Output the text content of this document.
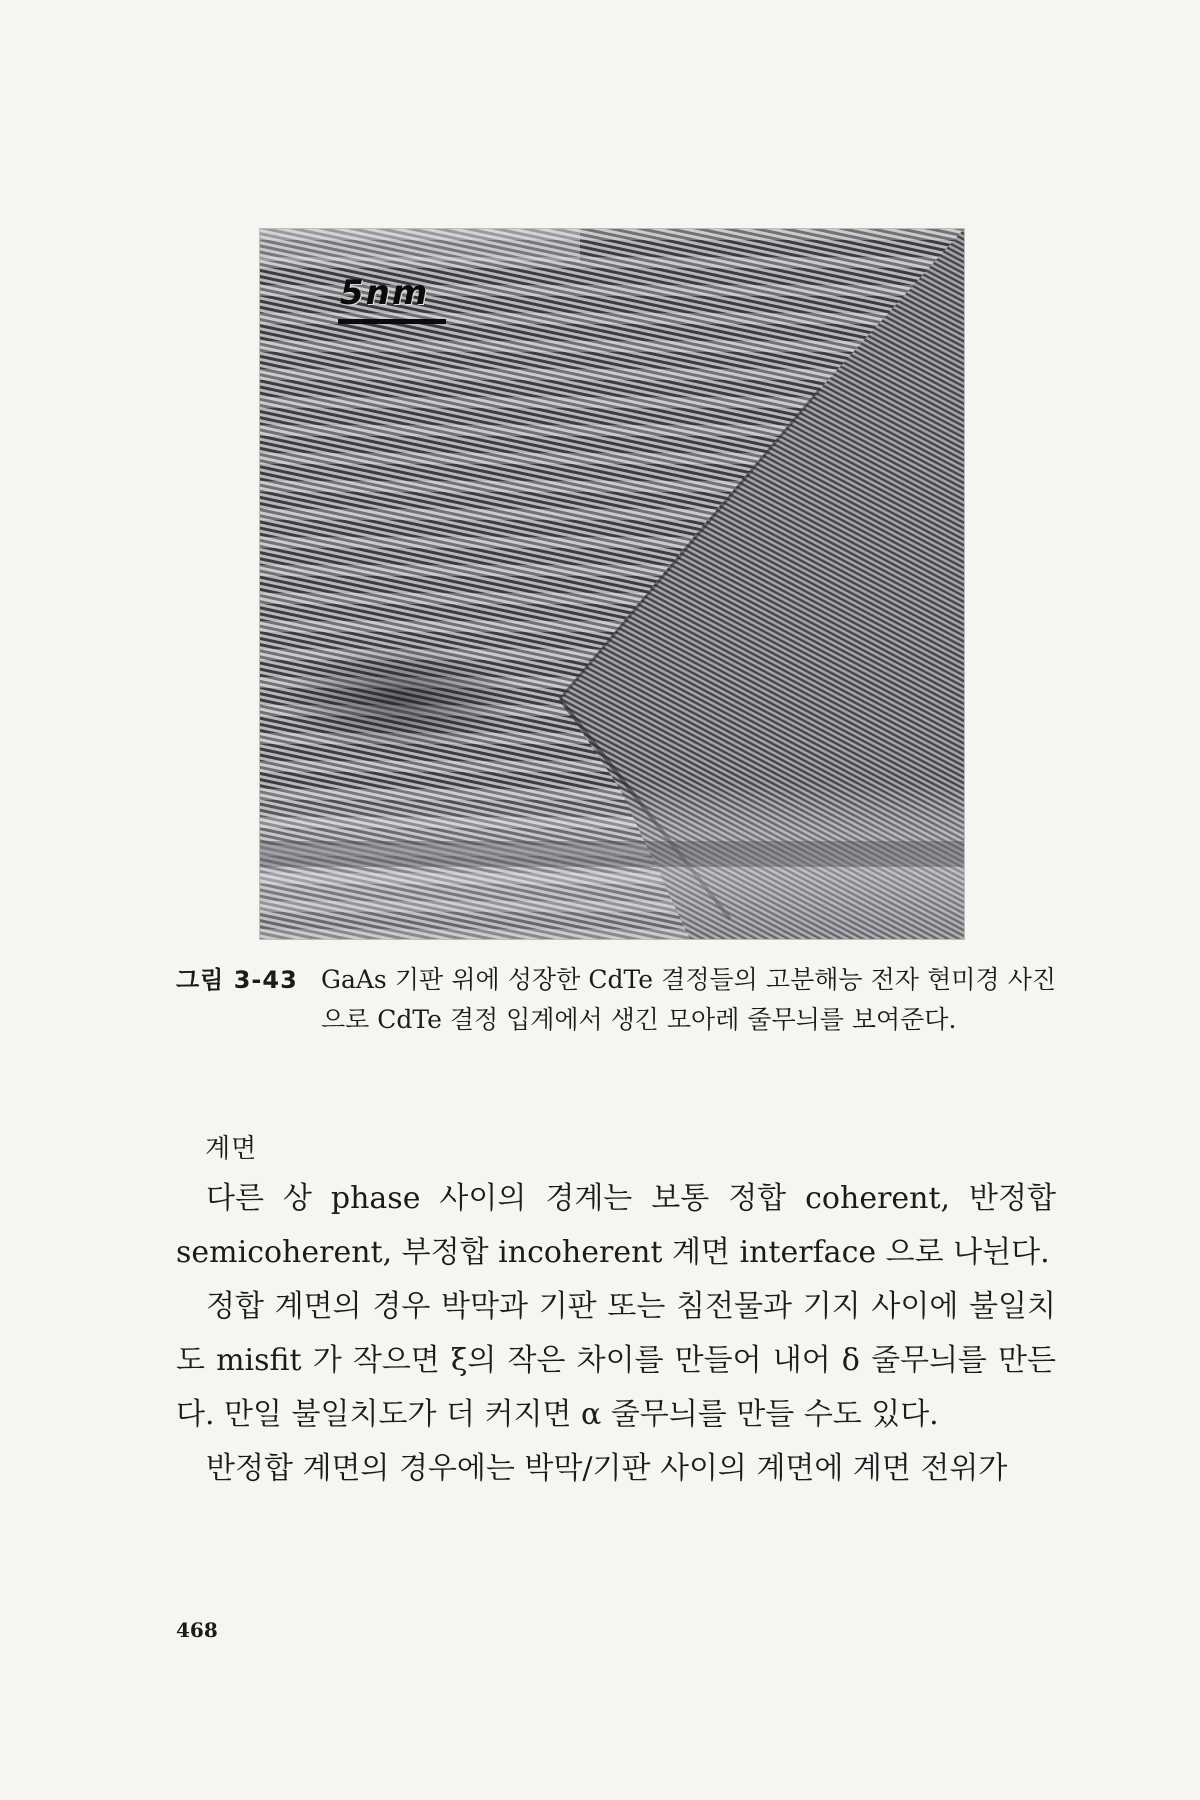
5nm
그림 3-43 GaAs 기판 위에 성장한 CdTe 결정들의 고분해능 전자 현미경 사진으로 CdTe 결정 입계에서 생긴 모아레 줄무늬를 보여준다.
계면

다른 상 phase 사이의 경계는 보통 정합 coherent, 반정합 semicoherent, 부정합 incoherent 계면 interface 으로 나뉜다.

정합 계면의 경우 박막과 기판 또는 침전물과 기지 사이에 불일치도 misfit 가 작으면 ξ의 작은 차이를 만들어 내어 δ 줄무늬를 만든다. 만일 불일치도가 더 커지면 α 줄무늬를 만들 수도 있다.

반정합 계면의 경우에는 박막/기판 사이의 계면에 계면 전위가

468
